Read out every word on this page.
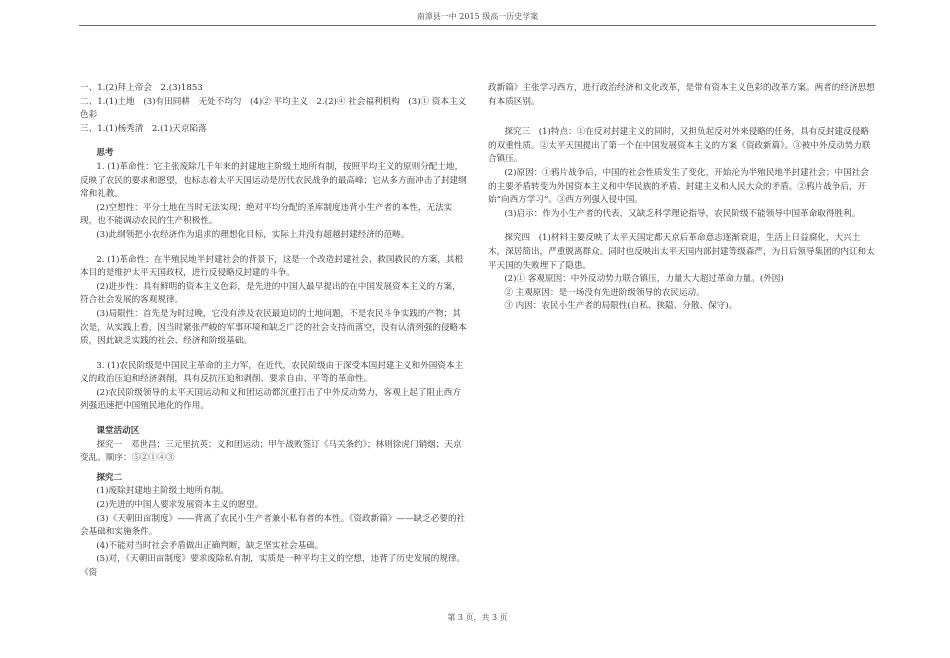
南漳县一中 2015 级高一历史学案

一、1.(2)拜上帝会　2.(3)1853

二、1.(1)土地　(3)有田同耕　无处不均匀　(4)② 平均主义　2.(2)④ 社会福利机构　(3)① 资本主义色彩

三、1.(1)杨秀清　2.(1)天京陷落

思考

1. (1)革命性：它主张废除几千年来的封建地主阶级土地所有制，按照平均主义的原则分配土地，反映了农民的要求和愿望，也标志着太平天国运动是历代农民战争的最高峰；它从多方面冲击了封建纲常和礼教。

(2)空想性：平分土地在当时无法实现；绝对平均分配的圣库制度违背小生产者的本性，无法实现，也不能调动农民的生产积极性。

(3)此纲领把小农经济作为追求的理想化目标，实际上并没有超越封建经济的范畴。

2. (1)革命性：在半殖民地半封建社会的背景下，这是一个改造封建社会、救国救民的方案，其根本目的是维护太平天国政权，进行反侵略反封建的斗争。

(2)进步性：具有鲜明的资本主义色彩，是先进的中国人最早提出的在中国发展资本主义的方案，符合社会发展的客观规律。

(3)局限性：首先是为时过晚，它没有涉及农民最迫切的土地问题，不是农民斗争实践的产物；其次是，从实践上看，因当时紧张严峻的军事环境和缺乏广泛的社会支持而落空，没有认清列强的侵略本质，因此缺乏实践的社会、经济和阶级基础。

3. (1)农民阶级是中国民主革命的主力军，在近代，农民阶级由于深受本国封建主义和外国资本主义的政治压迫和经济剥削，具有反抗压迫和剥削、要求自由、平等的革命性。

(2)农民阶级领导的太平天国运动和义和团运动都沉重打击了中外反动势力，客观上起了阻止西方列强迅速把中国殖民地化的作用。

课堂活动区

探究一　邓世昌；三元里抗英；义和团运动；甲午战败签订《马关条约》；林则徐虎门销烟；天京变乱。顺序：⑤②①④③

探究二

(1)废除封建地主阶级土地所有制。

(2)先进的中国人要求发展资本主义的愿望。

(3)《天朝田亩制度》——背离了农民小生产者兼小私有者的本性。《资政新篇》——缺乏必要的社会基础和实施条件。

(4)不能对当时社会矛盾做出正确判断，缺乏坚实社会基础。

(5)对，《天朝田亩制度》要求废除私有制，实质是一种平均主义的空想，违背了历史发展的规律。《资

政新篇》主张学习西方，进行政治经济和文化改革，是带有资本主义色彩的改革方案。两者的经济思想有本质区别。

探究三　(1)特点：①在反对封建主义的同时，又担负起反对外来侵略的任务，具有反封建反侵略的双重性质。②太平天国提出了第一个在中国发展资本主义的方案《资政新篇》。③被中外反动势力联合镇压。

(2)原因：①鸦片战争后，中国的社会性质发生了变化，开始沦为半殖民地半封建社会；中国社会的主要矛盾转变为外国资本主义和中华民族的矛盾、封建主义和人民大众的矛盾。②鸦片战争后，开始“向西方学习”。③西方列强入侵中国。

(3)启示：作为小生产者的代表，又缺乏科学理论指导，农民阶级不能领导中国革命取得胜利。

探究四　(1)材料主要反映了太平天国定都天京后革命意志逐渐衰退，生活上日益腐化，大兴土木，深居简出，严重脱离群众。同时也反映出太平天国内部封建等级森严，为日后领导集团的内讧和太平天国的失败埋下了隐患。

(2)① 客观原因：中外反动势力联合镇压，力量大大超过革命力量。(外因)

② 主观原因：是一场没有先进阶级领导的农民运动。

③ 内因：农民小生产者的局限性(自私、狭隘、分散、保守)。

第 3 页，共 3 页
